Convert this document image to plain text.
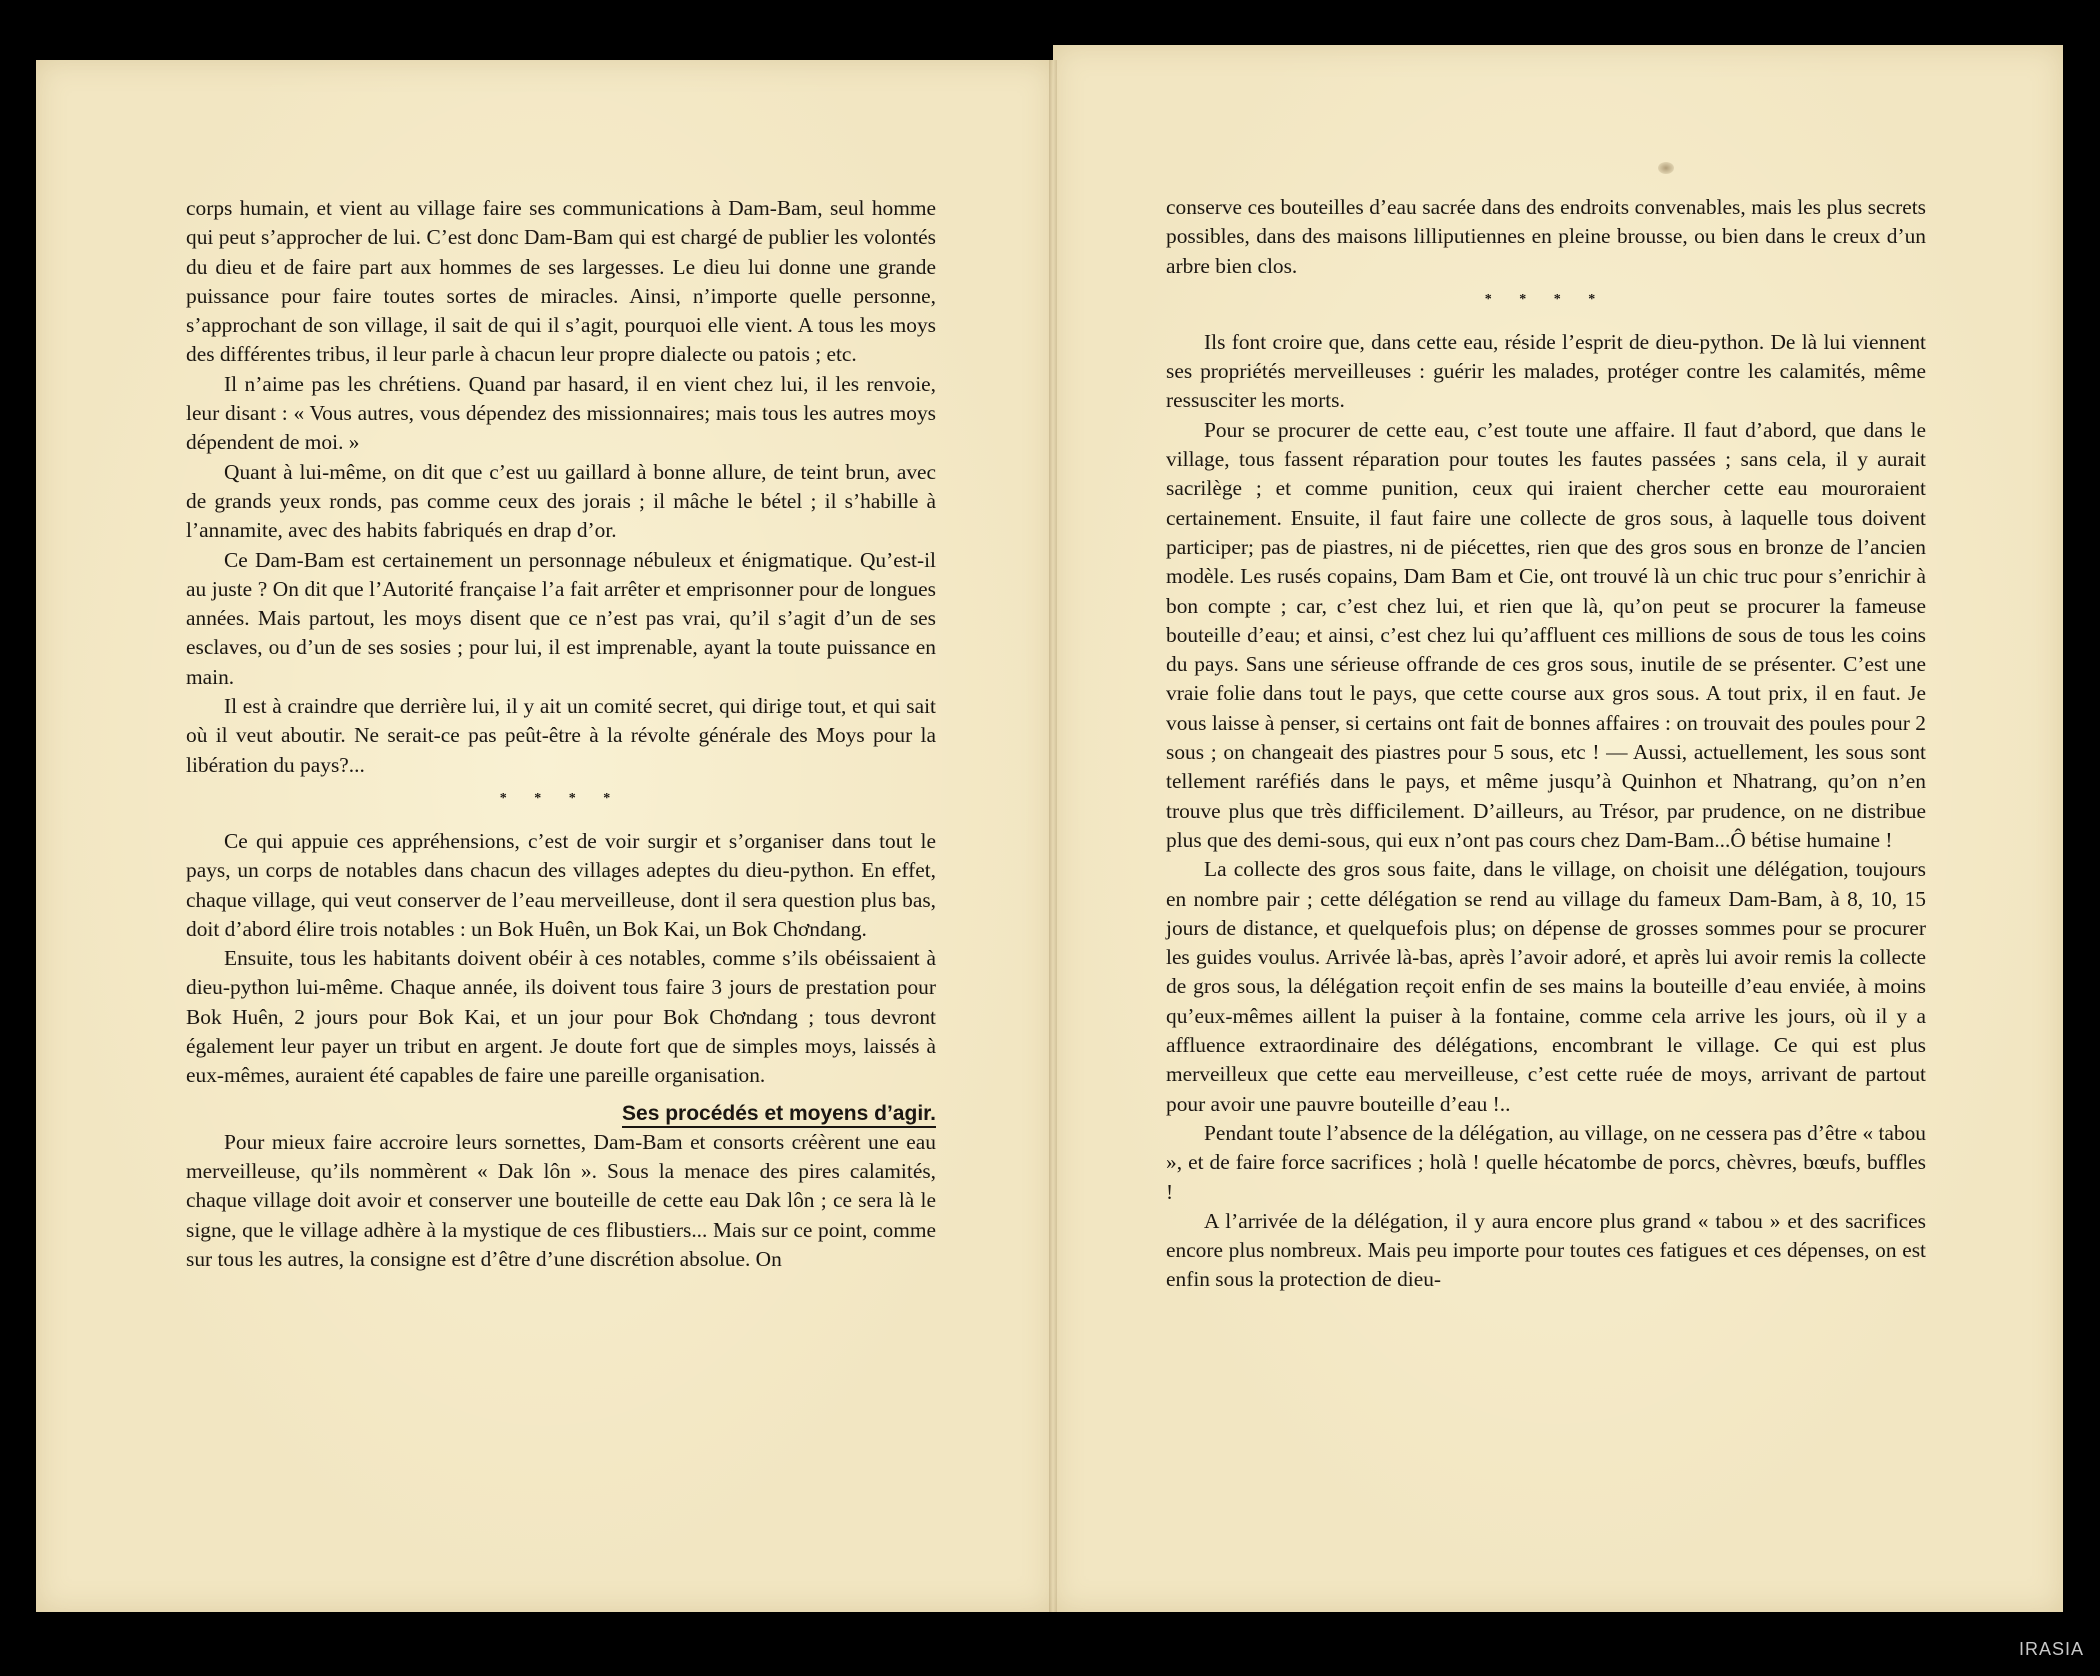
corps humain, et vient au village faire ses communications à Dam-Bam, seul homme qui peut s’approcher de lui. C’est donc Dam-Bam qui est chargé de publier les volontés du dieu et de faire part aux hommes de ses largesses. Le dieu lui donne une grande puissance pour faire toutes sortes de miracles. Ainsi, n’importe quelle personne, s’approchant de son village, il sait de qui il s’agit, pourquoi elle vient. A tous les moys des différentes tribus, il leur parle à chacun leur propre dialecte ou patois ; etc.

Il n’aime pas les chrétiens. Quand par hasard, il en vient chez lui, il les renvoie, leur disant : « Vous autres, vous dépendez des missionnaires; mais tous les autres moys dépendent de moi. »

Quant à lui-même, on dit que c’est uu gaillard à bonne allure, de teint brun, avec de grands yeux ronds, pas comme ceux des jorais ; il mâche le bétel ; il s’habille à l’annamite, avec des habits fabriqués en drap d’or.

Ce Dam-Bam est certainement un personnage nébuleux et énigmatique. Qu’est-il au juste ? On dit que l’Autorité française l’a fait arrêter et emprisonner pour de longues années. Mais partout, les moys disent que ce n’est pas vrai, qu’il s’agit d’un de ses esclaves, ou d’un de ses sosies ; pour lui, il est imprenable, ayant la toute puissance en main.

Il est à craindre que derrière lui, il y ait un comité secret, qui dirige tout, et qui sait où il veut aboutir. Ne serait-ce pas peût-être à la révolte générale des Moys pour la libération du pays?...

* * * *

Ce qui appuie ces appréhensions, c’est de voir surgir et s’organiser dans tout le pays, un corps de notables dans chacun des villages adeptes du dieu-python. En effet, chaque village, qui veut conserver de l’eau merveilleuse, dont il sera question plus bas, doit d’abord élire trois notables : un Bok Huên, un Bok Kai, un Bok Chơndang.

Ensuite, tous les habitants doivent obéir à ces notables, comme s’ils obéissaient à dieu-python lui-même. Chaque année, ils doivent tous faire 3 jours de prestation pour Bok Huên, 2 jours pour Bok Kai, et un jour pour Bok Chơndang ; tous devront également leur payer un tribut en argent. Je doute fort que de simples moys, laissés à eux-mêmes, auraient été capables de faire une pareille organisation.

Ses procédés et moyens d’agir.

Pour mieux faire accroire leurs sornettes, Dam-Bam et consorts créèrent une eau merveilleuse, qu’ils nommèrent « Dak lôn ». Sous la menace des pires calamités, chaque village doit avoir et conserver une bouteille de cette eau Dak lôn ; ce sera là le signe, que le village adhère à la mystique de ces flibustiers... Mais sur ce point, comme sur tous les autres, la consigne est d’être d’une discrétion absolue. On

conserve ces bouteilles d’eau sacrée dans des endroits convenables, mais les plus secrets possibles, dans des maisons lilliputiennes en pleine brousse, ou bien dans le creux d’un arbre bien clos.

* * * *

Ils font croire que, dans cette eau, réside l’esprit de dieu-python. De là lui viennent ses propriétés merveilleuses : guérir les malades, protéger contre les calamités, même ressusciter les morts.

Pour se procurer de cette eau, c’est toute une affaire. Il faut d’abord, que dans le village, tous fassent réparation pour toutes les fautes passées ; sans cela, il y aurait sacrilège ; et comme punition, ceux qui iraient chercher cette eau mouroraient certainement. Ensuite, il faut faire une collecte de gros sous, à laquelle tous doivent participer; pas de piastres, ni de piécettes, rien que des gros sous en bronze de l’ancien modèle. Les rusés copains, Dam Bam et Cie, ont trouvé là un chic truc pour s’enrichir à bon compte ; car, c’est chez lui, et rien que là, qu’on peut se procurer la fameuse bouteille d’eau; et ainsi, c’est chez lui qu’affluent ces millions de sous de tous les coins du pays. Sans une sérieuse offrande de ces gros sous, inutile de se présenter. C’est une vraie folie dans tout le pays, que cette course aux gros sous. A tout prix, il en faut. Je vous laisse à penser, si certains ont fait de bonnes affaires : on trouvait des poules pour 2 sous ; on changeait des piastres pour 5 sous, etc ! — Aussi, actuellement, les sous sont tellement raréfiés dans le pays, et même jusqu’à Quinhon et Nhatrang, qu’on n’en trouve plus que très difficilement. D’ailleurs, au Trésor, par prudence, on ne distribue plus que des demi-sous, qui eux n’ont pas cours chez Dam-Bam...Ô bétise humaine !

La collecte des gros sous faite, dans le village, on choisit une délégation, toujours en nombre pair ; cette délégation se rend au village du fameux Dam-Bam, à 8, 10, 15 jours de distance, et quelquefois plus; on dépense de grosses sommes pour se procurer les guides voulus. Arrivée là-bas, après l’avoir adoré, et après lui avoir remis la collecte de gros sous, la délégation reçoit enfin de ses mains la bouteille d’eau enviée, à moins qu’eux-mêmes aillent la puiser à la fontaine, comme cela arrive les jours, où il y a affluence extraordinaire des délégations, encombrant le village. Ce qui est plus merveilleux que cette eau merveilleuse, c’est cette ruée de moys, arrivant de partout pour avoir une pauvre bouteille d’eau !..

Pendant toute l’absence de la délégation, au village, on ne cessera pas d’être « tabou », et de faire force sacrifices ; holà ! quelle hécatombe de porcs, chèvres, bœufs, buffles !

A l’arrivée de la délégation, il y aura encore plus grand « tabou » et des sacrifices encore plus nombreux. Mais peu importe pour toutes ces fatigues et ces dépenses, on est enfin sous la protection de dieu-

IRASIA
